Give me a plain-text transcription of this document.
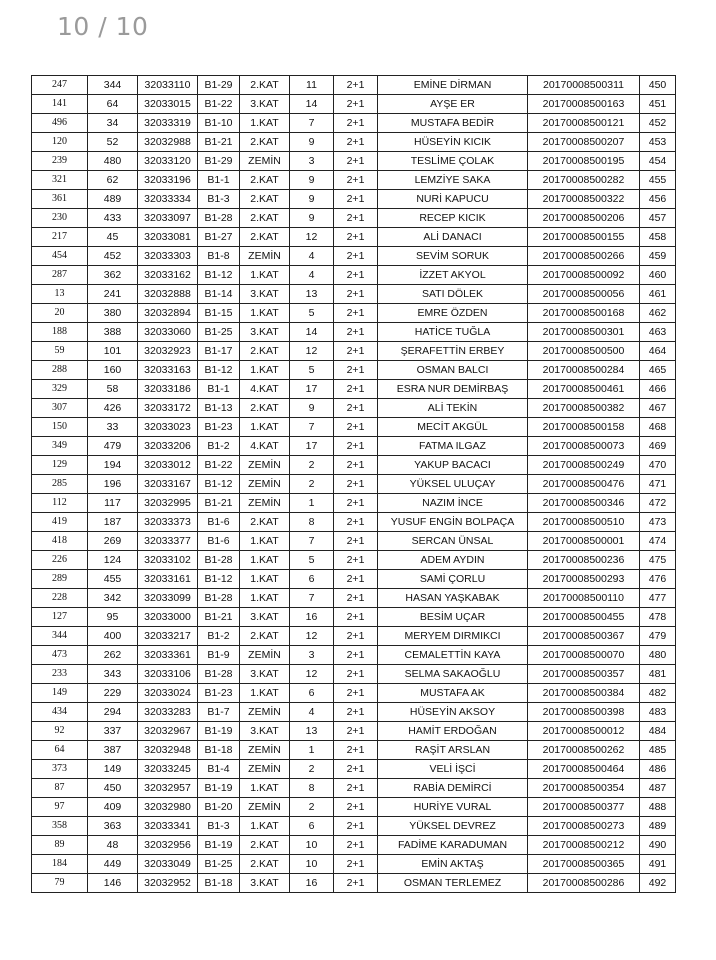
10 / 10
247	344	32033110	B1-29	2.KAT	11	2+1	EMİNE DİRMAN	20170008500311	450
141	64	32033015	B1-22	3.KAT	14	2+1	AYŞE ER	20170008500163	451
496	34	32033319	B1-10	1.KAT	7	2+1	MUSTAFA BEDİR	20170008500121	452
120	52	32032988	B1-21	2.KAT	9	2+1	HÜSEYİN KICIK	20170008500207	453
239	480	32033120	B1-29	ZEMİN	3	2+1	TESLİME ÇOLAK	20170008500195	454
321	62	32033196	B1-1	2.KAT	9	2+1	LEMZİYE SAKA	20170008500282	455
361	489	32033334	B1-3	2.KAT	9	2+1	NURİ KAPUCU	20170008500322	456
230	433	32033097	B1-28	2.KAT	9	2+1	RECEP KICIK	20170008500206	457
217	45	32033081	B1-27	2.KAT	12	2+1	ALİ DANACI	20170008500155	458
454	452	32033303	B1-8	ZEMİN	4	2+1	SEVİM SORUK	20170008500266	459
287	362	32033162	B1-12	1.KAT	4	2+1	İZZET AKYOL	20170008500092	460
13	241	32032888	B1-14	3.KAT	13	2+1	SATI DÖLEK	20170008500056	461
20	380	32032894	B1-15	1.KAT	5	2+1	EMRE ÖZDEN	20170008500168	462
188	388	32033060	B1-25	3.KAT	14	2+1	HATİCE TUĞLA	20170008500301	463
59	101	32032923	B1-17	2.KAT	12	2+1	ŞERAFETTİN ERBEY	20170008500500	464
288	160	32033163	B1-12	1.KAT	5	2+1	OSMAN BALCI	20170008500284	465
329	58	32033186	B1-1	4.KAT	17	2+1	ESRA NUR DEMİRBAŞ	20170008500461	466
307	426	32033172	B1-13	2.KAT	9	2+1	ALİ TEKİN	20170008500382	467
150	33	32033023	B1-23	1.KAT	7	2+1	MECİT AKGÜL	20170008500158	468
349	479	32033206	B1-2	4.KAT	17	2+1	FATMA ILGAZ	20170008500073	469
129	194	32033012	B1-22	ZEMİN	2	2+1	YAKUP BACACI	20170008500249	470
285	196	32033167	B1-12	ZEMİN	2	2+1	YÜKSEL ULUÇAY	20170008500476	471
112	117	32032995	B1-21	ZEMİN	1	2+1	NAZIM İNCE	20170008500346	472
419	187	32033373	B1-6	2.KAT	8	2+1	YUSUF ENGİN BOLPAÇA	20170008500510	473
418	269	32033377	B1-6	1.KAT	7	2+1	SERCAN ÜNSAL	20170008500001	474
226	124	32033102	B1-28	1.KAT	5	2+1	ADEM AYDIN	20170008500236	475
289	455	32033161	B1-12	1.KAT	6	2+1	SAMİ ÇORLU	20170008500293	476
228	342	32033099	B1-28	1.KAT	7	2+1	HASAN YAŞKABAK	20170008500110	477
127	95	32033000	B1-21	3.KAT	16	2+1	BESİM UÇAR	20170008500455	478
344	400	32033217	B1-2	2.KAT	12	2+1	MERYEM DIRMIKCI	20170008500367	479
473	262	32033361	B1-9	ZEMİN	3	2+1	CEMALETTİN KAYA	20170008500070	480
233	343	32033106	B1-28	3.KAT	12	2+1	SELMA SAKAOĞLU	20170008500357	481
149	229	32033024	B1-23	1.KAT	6	2+1	MUSTAFA AK	20170008500384	482
434	294	32033283	B1-7	ZEMİN	4	2+1	HÜSEYİN AKSOY	20170008500398	483
92	337	32032967	B1-19	3.KAT	13	2+1	HAMİT ERDOĞAN	20170008500012	484
64	387	32032948	B1-18	ZEMİN	1	2+1	RAŞİT ARSLAN	20170008500262	485
373	149	32033245	B1-4	ZEMİN	2	2+1	VELİ İŞCİ	20170008500464	486
87	450	32032957	B1-19	1.KAT	8	2+1	RABİA DEMİRCİ	20170008500354	487
97	409	32032980	B1-20	ZEMİN	2	2+1	HURİYE VURAL	20170008500377	488
358	363	32033341	B1-3	1.KAT	6	2+1	YÜKSEL DEVREZ	20170008500273	489
89	48	32032956	B1-19	2.KAT	10	2+1	FADİME KARADUMAN	20170008500212	490
184	449	32033049	B1-25	2.KAT	10	2+1	EMİN AKTAŞ	20170008500365	491
79	146	32032952	B1-18	3.KAT	16	2+1	OSMAN TERLEMEZ	20170008500286	492
